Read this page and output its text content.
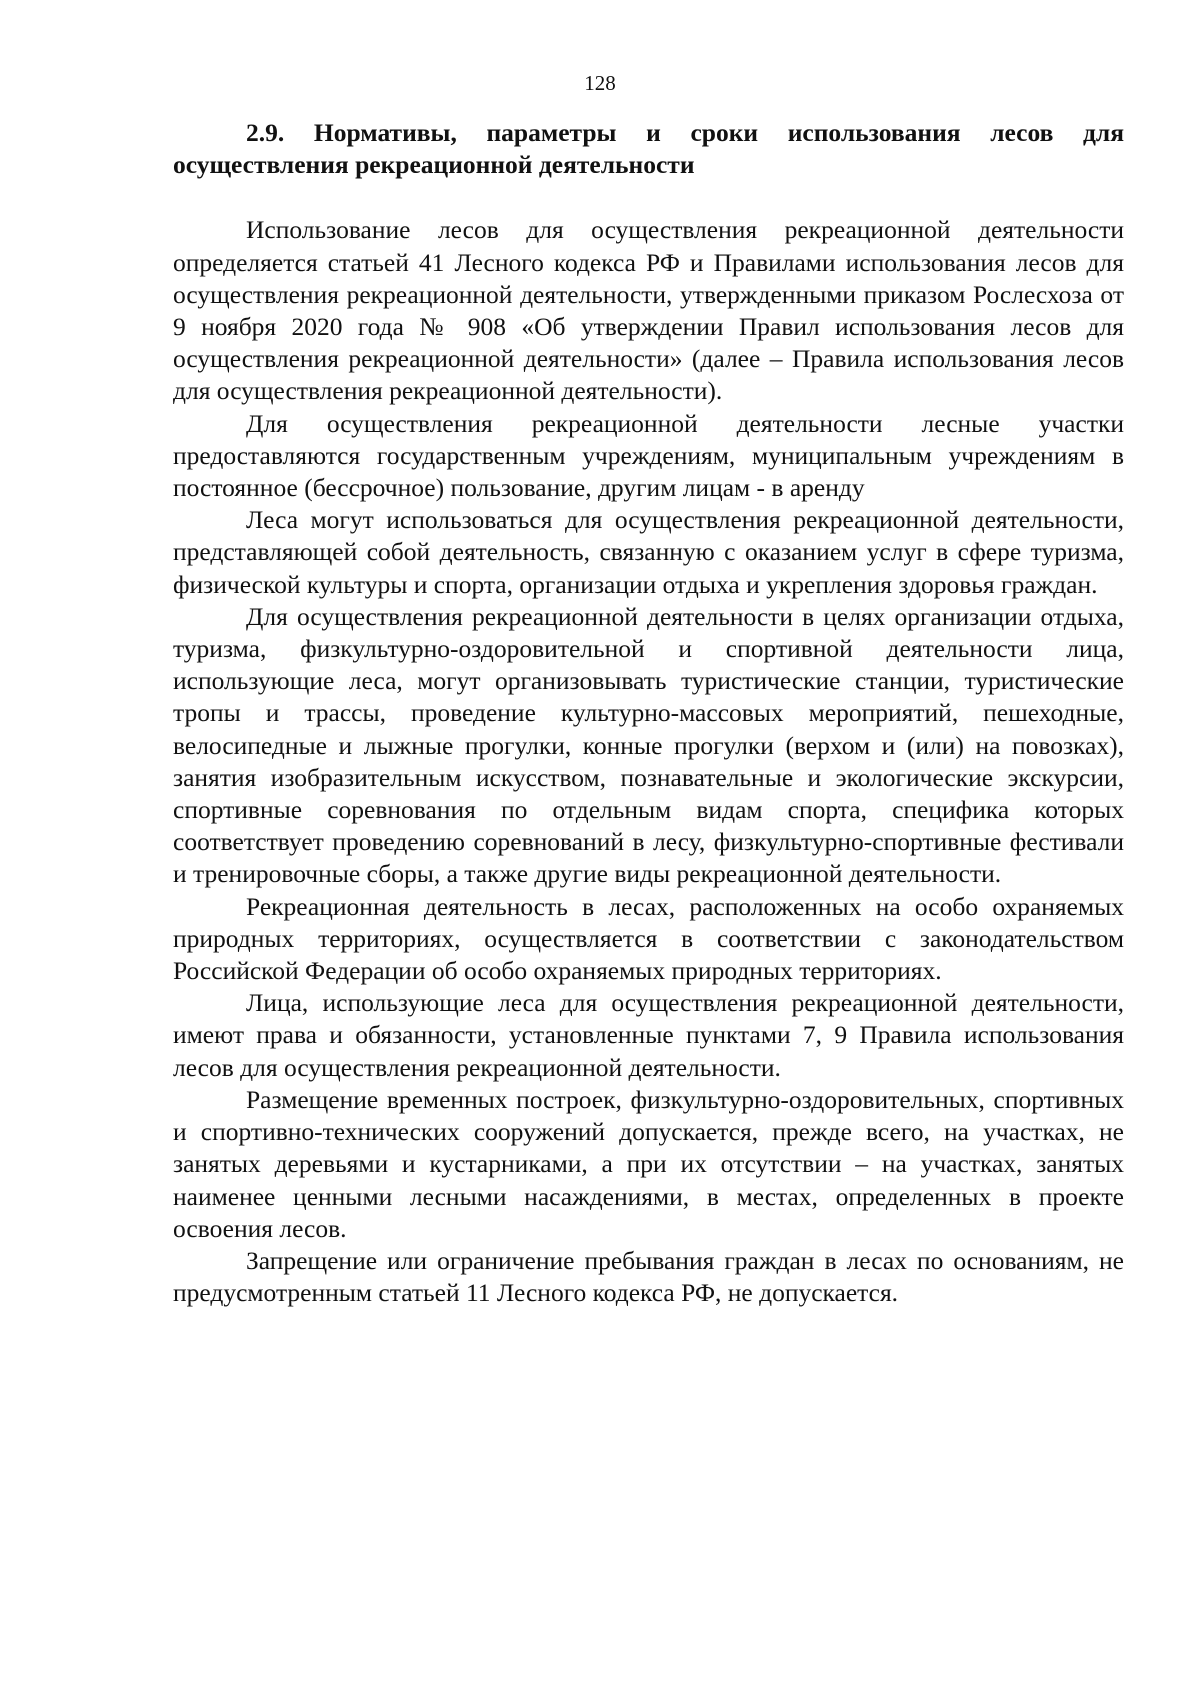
128
2.9. Нормативы, параметры и сроки использования лесов для осуществления рекреационной деятельности

Использование лесов для осуществления рекреационной деятельности определяется статьей 41 Лесного кодекса РФ и Правилами использования лесов для осуществления рекреационной деятельности, утвержденными приказом Рослесхоза от 9 ноября 2020 года № 908 «Об утверждении Правил использования лесов для осуществления рекреационной деятельности» (далее – Правила использования лесов для осуществления рекреационной деятельности).

Для осуществления рекреационной деятельности лесные участки предоставляются государственным учреждениям, муниципальным учреждениям в постоянное (бессрочное) пользование, другим лицам - в аренду

Леса могут использоваться для осуществления рекреационной деятельности, представляющей собой деятельность, связанную с оказанием услуг в сфере туризма, физической культуры и спорта, организации отдыха и укрепления здоровья граждан.

Для осуществления рекреационной деятельности в целях организации отдыха, туризма, физкультурно-оздоровительной и спортивной деятельности лица, использующие леса, могут организовывать туристические станции, туристические тропы и трассы, проведение культурно-массовых мероприятий, пешеходные, велосипедные и лыжные прогулки, конные прогулки (верхом и (или) на повозках), занятия изобразительным искусством, познавательные и экологические экскурсии, спортивные соревнования по отдельным видам спорта, специфика которых соответствует проведению соревнований в лесу, физкультурно-спортивные фестивали и тренировочные сборы, а также другие виды рекреационной деятельности.

Рекреационная деятельность в лесах, расположенных на особо охраняемых природных территориях, осуществляется в соответствии с законодательством Российской Федерации об особо охраняемых природных территориях.

Лица, использующие леса для осуществления рекреационной деятельности, имеют права и обязанности, установленные пунктами 7, 9 Правила использования лесов для осуществления рекреационной деятельности.

Размещение временных построек, физкультурно-оздоровительных, спортивных и спортивно-технических сооружений допускается, прежде всего, на участках, не занятых деревьями и кустарниками, а при их отсутствии – на участках, занятых наименее ценными лесными насаждениями, в местах, определенных в проекте освоения лесов.

Запрещение или ограничение пребывания граждан в лесах по основаниям, не предусмотренным статьей 11 Лесного кодекса РФ, не допускается.
